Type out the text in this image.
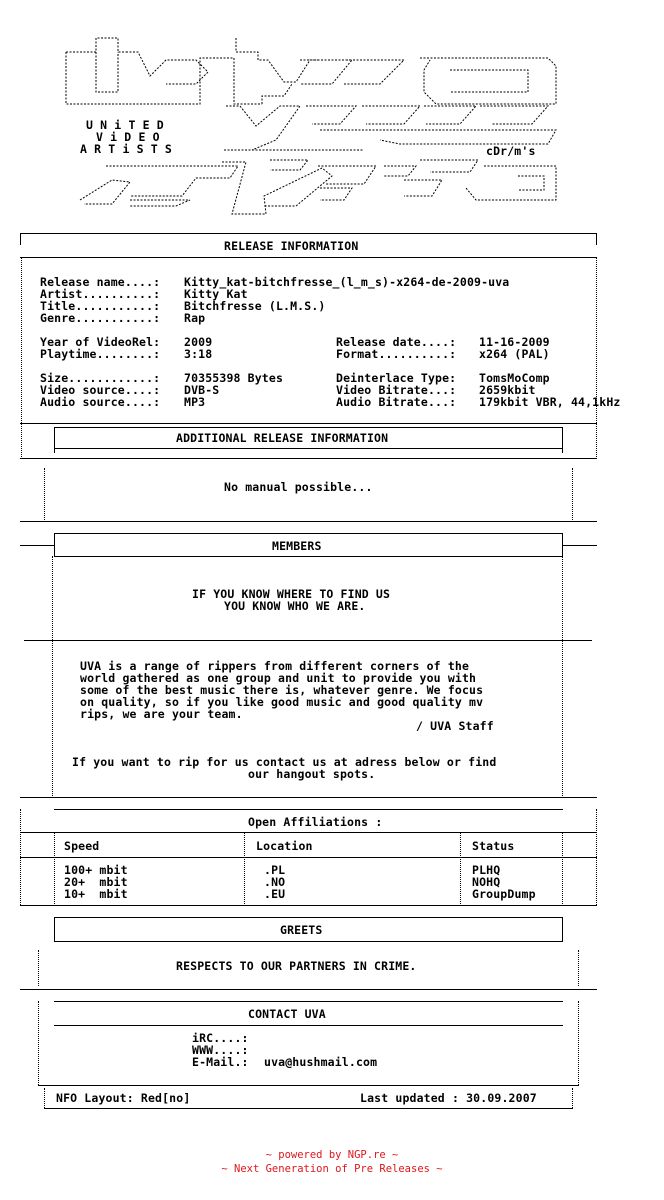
U N i T E D
V i D E O
A R T i S T S	cDr/m's
RELEASE INFORMATION
Release name....: Kitty_kat-bitchfresse_(l_m_s)-x264-de-2009-uva
Artist..........: Kitty Kat
Title...........: Bitchfresse (L.M.S.)
Genre...........: Rap
Year of VideoRel: 2009
Playtime........: 3:18
Release date....: 11-16-2009
Format..........: x264 (PAL)
Size............: 70355398 Bytes
Video source....: DVB-S
Audio source....: MP3
Deinterlace Type: TomsMoComp
Video Bitrate...: 2659kbit
Audio Bitrate...: 179kbit VBR, 44,1kHz
ADDITIONAL RELEASE INFORMATION
No manual possible...
MEMBERS
IF YOU KNOW WHERE TO FIND US
YOU KNOW WHO WE ARE.
UVA is a range of rippers from different corners of the
world gathered as one group and unit to provide you with
some of the best music there is, whatever genre. We focus
on quality, so if you like good music and good quality mv
rips, we are your team.
/ UVA Staff
If you want to rip for us contact us at adress below or find
our hangout spots.
Open Affiliations :
Speed	Location	Status
100+ mbit	.PL	PLHQ
20+  mbit	.NO	NOHQ
10+  mbit	.EU	GroupDump
GREETS
RESPECTS TO OUR PARTNERS IN CRIME.
CONTACT UVA
iRC....:
WWW....:
E-Mail.: uva@hushmail.com
NFO Layout: Red[no]	Last updated : 30.09.2007
~ powered by NGP.re ~
~ Next Generation of Pre Releases ~
